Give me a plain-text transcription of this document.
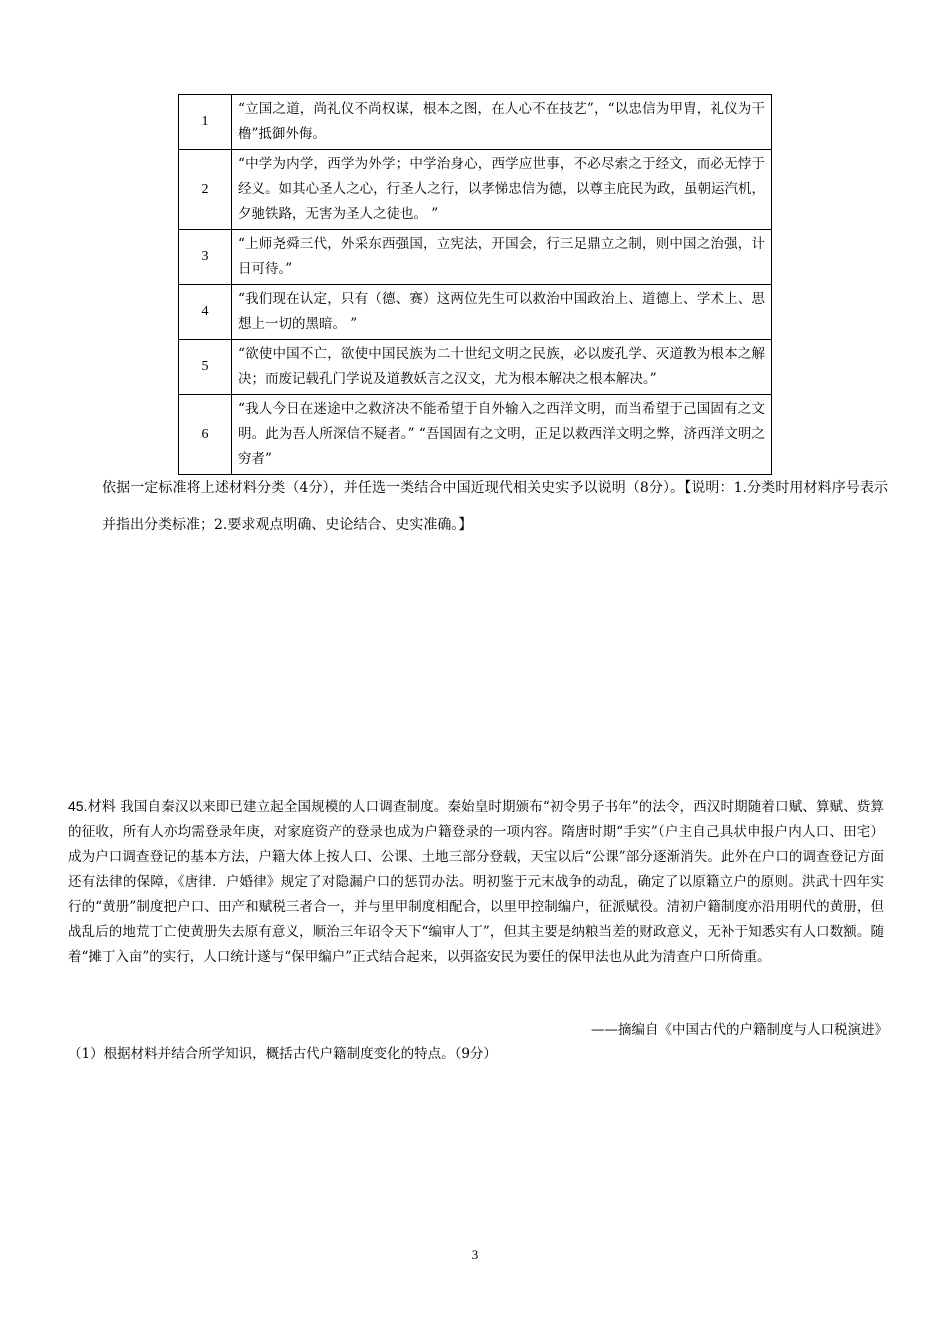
1	“立国之道，尚礼仪不尚权谋，根本之图，在人心不在技艺”，“以忠信为甲胄，礼仪为干橹”抵御外侮。
2	“中学为内学，西学为外学；中学治身心，西学应世事，不必尽索之于经文，而必无悖于经义。如其心圣人之心，行圣人之行，以孝悌忠信为德，以尊主庇民为政，虽朝运汽机，夕驰铁路，无害为圣人之徒也。 ”
3	“上师尧舜三代，外采东西强国，立宪法，开国会，行三足鼎立之制，则中国之治强，计日可待。”
4	“我们现在认定，只有（德、赛）这两位先生可以救治中国政治上、道德上、学术上、思想上一切的黑暗。 ”
5	“欲使中国不亡，欲使中国民族为二十世纪文明之民族，必以废孔学、灭道教为根本之解决；而废记载孔门学说及道教妖言之汉文，尤为根本解决之根本解决。”
6	“我人今日在迷途中之救济决不能希望于自外输入之西洋文明，而当希望于己国固有之文明。此为吾人所深信不疑者。” “吾国固有之文明，正足以救西洋文明之弊，济西洋文明之穷者”
依据一定标准将上述材料分类（4分），并任选一类结合中国近现代相关史实予以说明（8分）。【说明：1.分类时用材料序号表示并指出分类标准；2.要求观点明确、史论结合、史实准确。】
45.材料 我国自秦汉以来即已建立起全国规模的人口调查制度。秦始皇时期颁布“初令男子书年”的法令，西汉时期随着口赋、算赋、赀算的征收，所有人亦均需登录年庚，对家庭资产的登录也成为户籍登录的一项内容。隋唐时期“手实”（户主自己具状申报户内人口、田宅）成为户口调查登记的基本方法，户籍大体上按人口、公课、土地三部分登载，天宝以后“公课”部分逐渐消失。此外在户口的调查登记方面还有法律的保障，《唐律．户婚律》规定了对隐漏户口的惩罚办法。明初鉴于元末战争的动乱，确定了以原籍立户的原则。洪武十四年实行的“黄册”制度把户口、田产和赋税三者合一，并与里甲制度相配合，以里甲控制编户，征派赋役。清初户籍制度亦沿用明代的黄册，但战乱后的地荒丁亡使黄册失去原有意义，顺治三年诏令天下“编审人丁”，但其主要是纳粮当差的财政意义，无补于知悉实有人口数额。随着“摊丁入亩”的实行，人口统计遂与“保甲编户”正式结合起来，以弭盗安民为要任的保甲法也从此为清查户口所倚重。
——摘编自《中国古代的户籍制度与人口税演进》
（1）根据材料并结合所学知识，概括古代户籍制度变化的特点。（9分）
3
